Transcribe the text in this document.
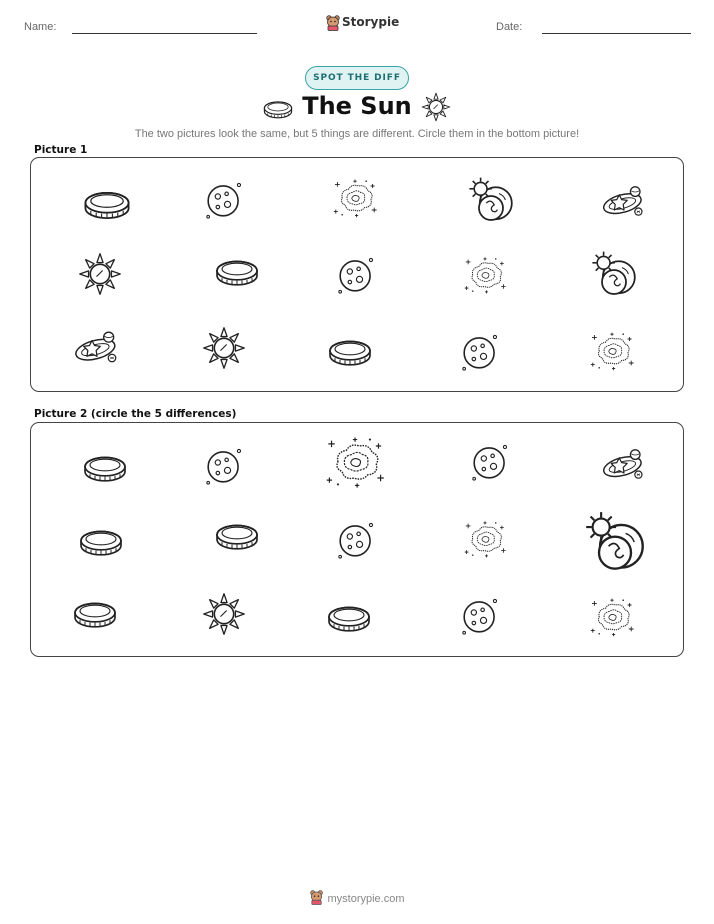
Name:	Storypie	Date:
SPOT THE DIFF
The Sun
The two pictures look the same, but 5 things are different. Circle them in the bottom picture!
Picture 1
Picture 2 (circle the 5 differences)
mystorypie.com
